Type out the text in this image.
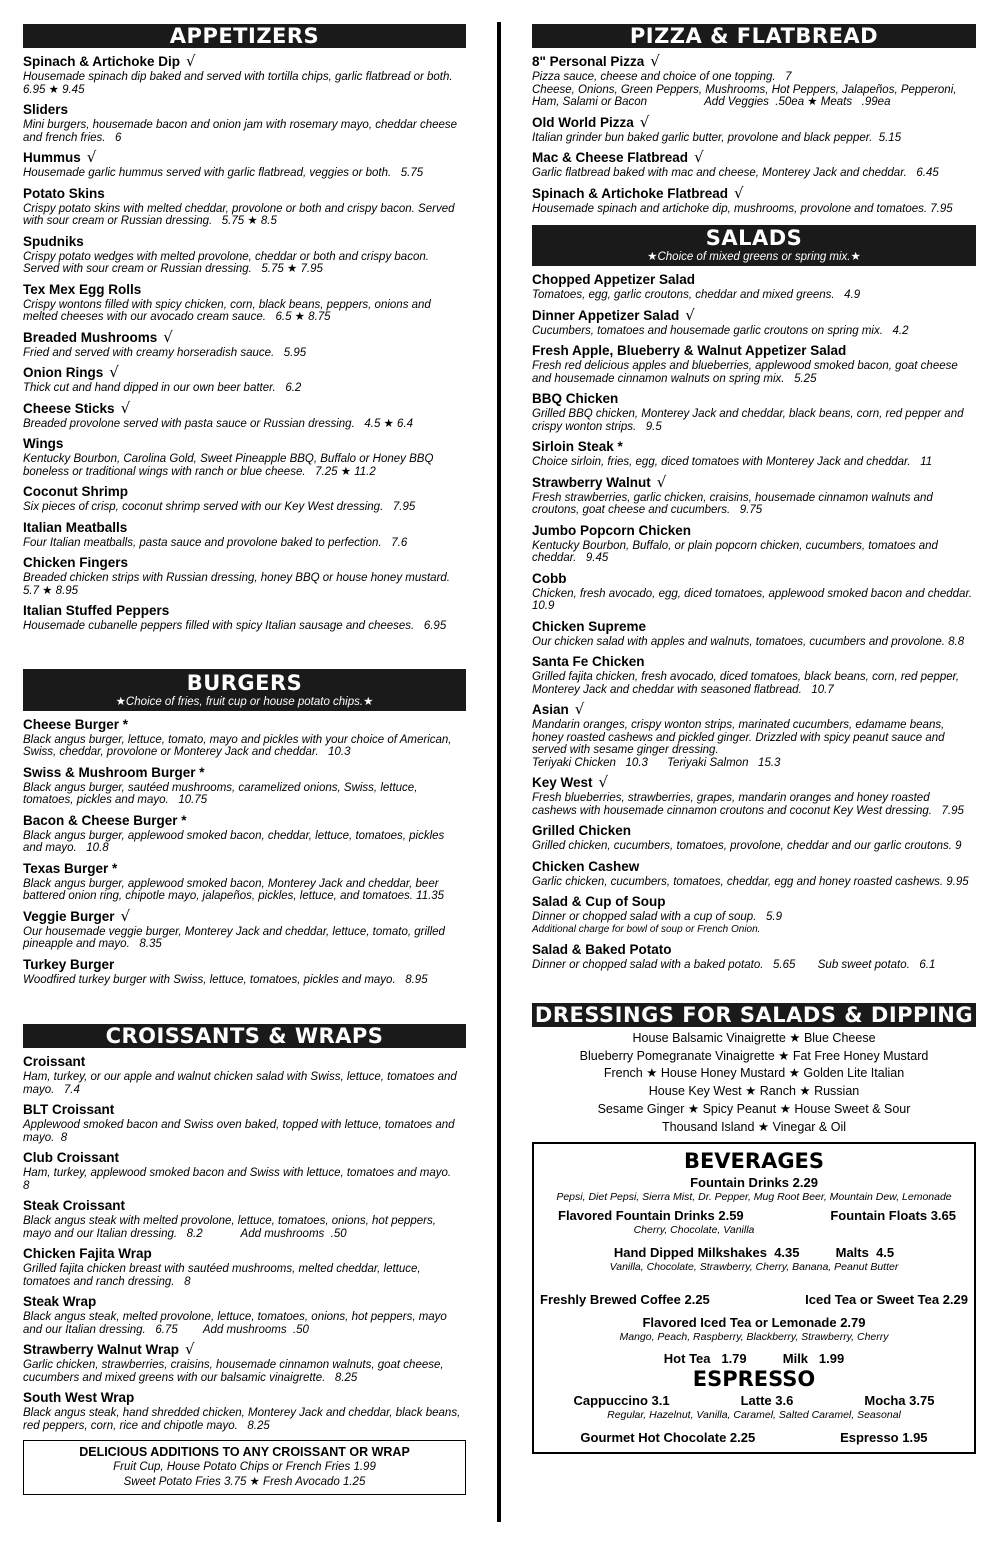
APPETIZERS
Spinach & Artichoke Dip √
Housemade spinach dip baked and served with tortilla chips, garlic flatbread or both.   6.95 ★ 9.45
Sliders
Mini burgers, housemade bacon and onion jam with rosemary mayo, cheddar cheese and french fries.   6
Hummus √
Housemade garlic hummus served with garlic flatbread, veggies or both.   5.75
Potato Skins
Crispy potato skins with melted cheddar, provolone or both and crispy bacon. Served with sour cream or Russian dressing.   5.75 ★ 8.5
Spudniks
Crispy potato wedges with melted provolone, cheddar or both and crispy bacon. Served with sour cream or Russian dressing.   5.75 ★ 7.95
Tex Mex Egg Rolls
Crispy wontons filled with spicy chicken, corn, black beans, peppers, onions and melted cheeses with our avocado cream sauce.   6.5 ★ 8.75
Breaded Mushrooms √
Fried and served with creamy horseradish sauce.   5.95
Onion Rings √
Thick cut and hand dipped in our own beer batter.   6.2
Cheese Sticks √
Breaded provolone served with pasta sauce or Russian dressing.   4.5 ★ 6.4
Wings
Kentucky Bourbon, Carolina Gold, Sweet Pineapple BBQ, Buffalo or Honey BBQ boneless or traditional wings with ranch or blue cheese.   7.25 ★ 11.2
Coconut Shrimp
Six pieces of crisp, coconut shrimp served with our Key West dressing.   7.95
Italian Meatballs
Four Italian meatballs, pasta sauce and provolone baked to perfection.   7.6
Chicken Fingers
Breaded chicken strips with Russian dressing, honey BBQ or house honey mustard.   5.7 ★ 8.95
Italian Stuffed Peppers
Housemade cubanelle peppers filled with spicy Italian sausage and cheeses.   6.95
BURGERS
★Choice of fries, fruit cup or house potato chips.★
Cheese Burger *
Black angus burger, lettuce, tomato, mayo and pickles with your choice of American, Swiss, cheddar, provolone or Monterey Jack and cheddar.   10.3
Swiss & Mushroom Burger *
Black angus burger, sautéed mushrooms, caramelized onions, Swiss, lettuce, tomatoes, pickles and mayo.   10.75
Bacon & Cheese Burger *
Black angus burger, applewood smoked bacon, cheddar, lettuce, tomatoes, pickles and mayo.   10.8
Texas Burger *
Black angus burger, applewood smoked bacon, Monterey Jack and cheddar, beer battered onion ring, chipotle mayo, jalapeños, pickles, lettuce, and tomatoes. 11.35
Veggie Burger √
Our housemade veggie burger, Monterey Jack and cheddar, lettuce, tomato, grilled pineapple and mayo.   8.35
Turkey Burger
Woodfired turkey burger with Swiss, lettuce, tomatoes, pickles and mayo.   8.95
CROISSANTS & WRAPS
Croissant
Ham, turkey, or our apple and walnut chicken salad with Swiss, lettuce, tomatoes and mayo.   7.4
BLT Croissant
Applewood smoked bacon and Swiss oven baked, topped with lettuce, tomatoes and mayo.  8
Club Croissant
Ham, turkey, applewood smoked bacon and Swiss with lettuce, tomatoes and mayo.   8
Steak Croissant
Black angus steak with melted provolone, lettuce, tomatoes, onions, hot peppers, mayo and our Italian dressing.   8.2            Add mushrooms  .50
Chicken Fajita Wrap
Grilled fajita chicken breast with sautéed mushrooms, melted cheddar, lettuce, tomatoes and ranch dressing.   8
Steak Wrap
Black angus steak, melted provolone, lettuce, tomatoes, onions, hot peppers, mayo and our Italian dressing.   6.75        Add mushrooms  .50
Strawberry Walnut Wrap √
Garlic chicken, strawberries, craisins, housemade cinnamon walnuts, goat cheese, cucumbers and mixed greens with our balsamic vinaigrette.   8.25
South West Wrap
Black angus steak, hand shredded chicken, Monterey Jack and cheddar, black beans, red peppers, corn, rice and chipotle mayo.   8.25
DELICIOUS ADDITIONS TO ANY CROISSANT OR WRAP
Fruit Cup, House Potato Chips or French Fries 1.99
Sweet Potato Fries 3.75 ★ Fresh Avocado 1.25
PIZZA & FLATBREAD
8" Personal Pizza √
Pizza sauce, cheese and choice of one topping.   7
Cheese, Onions, Green Peppers, Mushrooms, Hot Peppers, Jalapeños, Pepperoni, Ham, Salami or Bacon                  Add Veggies  .50ea ★ Meats   .99ea
Old World Pizza √
Italian grinder bun baked garlic butter, provolone and black pepper.  5.15
Mac & Cheese Flatbread √
Garlic flatbread baked with mac and cheese, Monterey Jack and cheddar.   6.45
Spinach & Artichoke Flatbread √
Housemade spinach and artichoke dip, mushrooms, provolone and tomatoes. 7.95
SALADS
★Choice of mixed greens or spring mix.★
Chopped Appetizer Salad
Tomatoes, egg, garlic croutons, cheddar and mixed greens.   4.9
Dinner Appetizer Salad √
Cucumbers, tomatoes and housemade garlic croutons on spring mix.   4.2
Fresh Apple, Blueberry & Walnut Appetizer Salad
Fresh red delicious apples and blueberries, applewood smoked bacon, goat cheese and housemade cinnamon walnuts on spring mix.   5.25
BBQ Chicken
Grilled BBQ chicken, Monterey Jack and cheddar, black beans, corn, red pepper and crispy wonton strips.   9.5
Sirloin Steak *
Choice sirloin, fries, egg, diced tomatoes with Monterey Jack and cheddar.   11
Strawberry Walnut √
Fresh strawberries, garlic chicken, craisins, housemade cinnamon walnuts and croutons, goat cheese and cucumbers.   9.75
Jumbo Popcorn Chicken
Kentucky Bourbon, Buffalo, or plain popcorn chicken, cucumbers, tomatoes and cheddar.   9.45
Cobb
Chicken, fresh avocado, egg, diced tomatoes, applewood smoked bacon and cheddar.  10.9
Chicken Supreme
Our chicken salad with apples and walnuts, tomatoes, cucumbers and provolone. 8.8
Santa Fe Chicken
Grilled fajita chicken, fresh avocado, diced tomatoes, black beans, corn, red pepper, Monterey Jack and cheddar with seasoned flatbread.   10.7
Asian √
Mandarin oranges, crispy wonton strips, marinated cucumbers, edamame beans, honey roasted cashews and pickled ginger. Drizzled with spicy peanut sauce and served with sesame ginger dressing.
Teriyaki Chicken   10.3      Teriyaki Salmon   15.3
Key West √
Fresh blueberries, strawberries, grapes, mandarin oranges and honey roasted cashews with housemade cinnamon croutons and coconut Key West dressing.   7.95
Grilled Chicken
Grilled chicken, cucumbers, tomatoes, provolone, cheddar and our garlic croutons. 9
Chicken Cashew
Garlic chicken, cucumbers, tomatoes, cheddar, egg and honey roasted cashews. 9.95
Salad & Cup of Soup
Dinner or chopped salad with a cup of soup.   5.9
Additional charge for bowl of soup or French Onion.
Salad & Baked Potato
Dinner or chopped salad with a baked potato.   5.65       Sub sweet potato.   6.1
DRESSINGS FOR SALADS & DIPPING
House Balsamic Vinaigrette ★ Blue Cheese
Blueberry Pomegranate Vinaigrette ★ Fat Free Honey Mustard
French ★ House Honey Mustard ★ Golden Lite Italian
House Key West ★ Ranch ★ Russian
Sesame Ginger ★ Spicy Peanut ★ House Sweet & Sour
Thousand Island ★ Vinegar & Oil
BEVERAGES
Fountain Drinks 2.29
Pepsi, Diet Pepsi, Sierra Mist, Dr. Pepper, Mug Root Beer, Mountain Dew, Lemonade
Flavored Fountain Drinks 2.59	Fountain Floats 3.65
Cherry, Chocolate, Vanilla
Hand Dipped Milkshakes  4.35          Malts  4.5
Vanilla, Chocolate, Strawberry, Cherry, Banana, Peanut Butter
Freshly Brewed Coffee 2.25	Iced Tea or Sweet Tea 2.29
Flavored Iced Tea or Lemonade 2.79
Mango, Peach, Raspberry, Blackberry, Strawberry, Cherry
Hot Tea   1.79          Milk   1.99
ESPRESSO
Cappuccino 3.1	Latte 3.6	Mocha 3.75
Regular, Hazelnut, Vanilla, Caramel, Salted Caramel, Seasonal
Gourmet Hot Chocolate 2.25	Espresso 1.95
